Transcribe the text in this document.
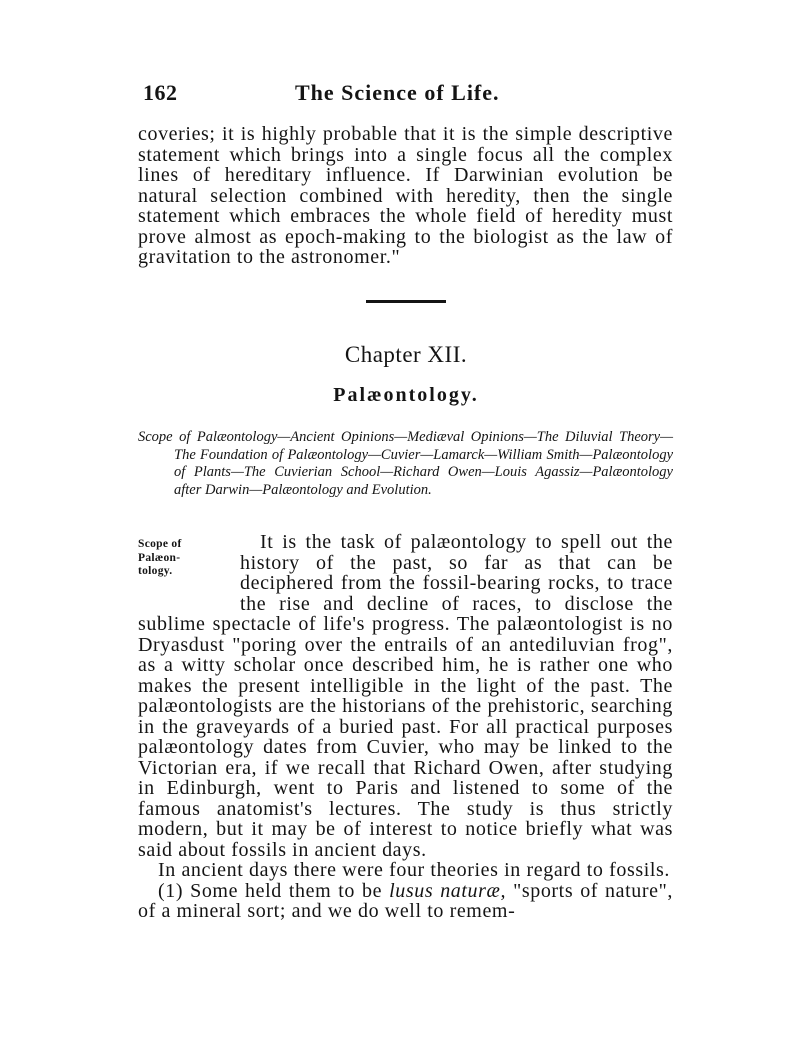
162	The Science of Life.

coveries; it is highly probable that it is the simple descriptive statement which brings into a single focus all the complex lines of hereditary influence. If Darwinian evolution be natural selection combined with heredity, then the single statement which embraces the whole field of heredity must prove almost as epoch-making to the biologist as the law of gravitation to the astronomer."

Chapter XII.
Palæontology.
Scope of Palæontology—Ancient Opinions—Mediæval Opinions—The Diluvial Theory—The Foundation of Palæontology—Cuvier—Lamarck—William Smith—Palæontology of Plants—The Cuvierian School—Richard Owen—Louis Agassiz—Palæontology after Darwin—Palæontology and Evolution.

Scope of
Palæon-
tology.
It is the task of palæontology to spell out the history of the past, so far as that can be deciphered from the fossil-bearing rocks, to trace the rise and decline of races, to disclose the sublime spectacle of life's progress. The palæontologist is no Dryasdust "poring over the entrails of an antediluvian frog", as a witty scholar once described him, he is rather one who makes the present intelligible in the light of the past. The palæontologists are the historians of the prehistoric, searching in the graveyards of a buried past. For all practical purposes palæontology dates from Cuvier, who may be linked to the Victorian era, if we recall that Richard Owen, after studying in Edinburgh, went to Paris and listened to some of the famous anatomist's lectures. The study is thus strictly modern, but it may be of interest to notice briefly what was said about fossils in ancient days.

In ancient days there were four theories in regard to fossils.

(1) Some held them to be lusus naturæ, "sports of nature", of a mineral sort; and we do well to remem-
